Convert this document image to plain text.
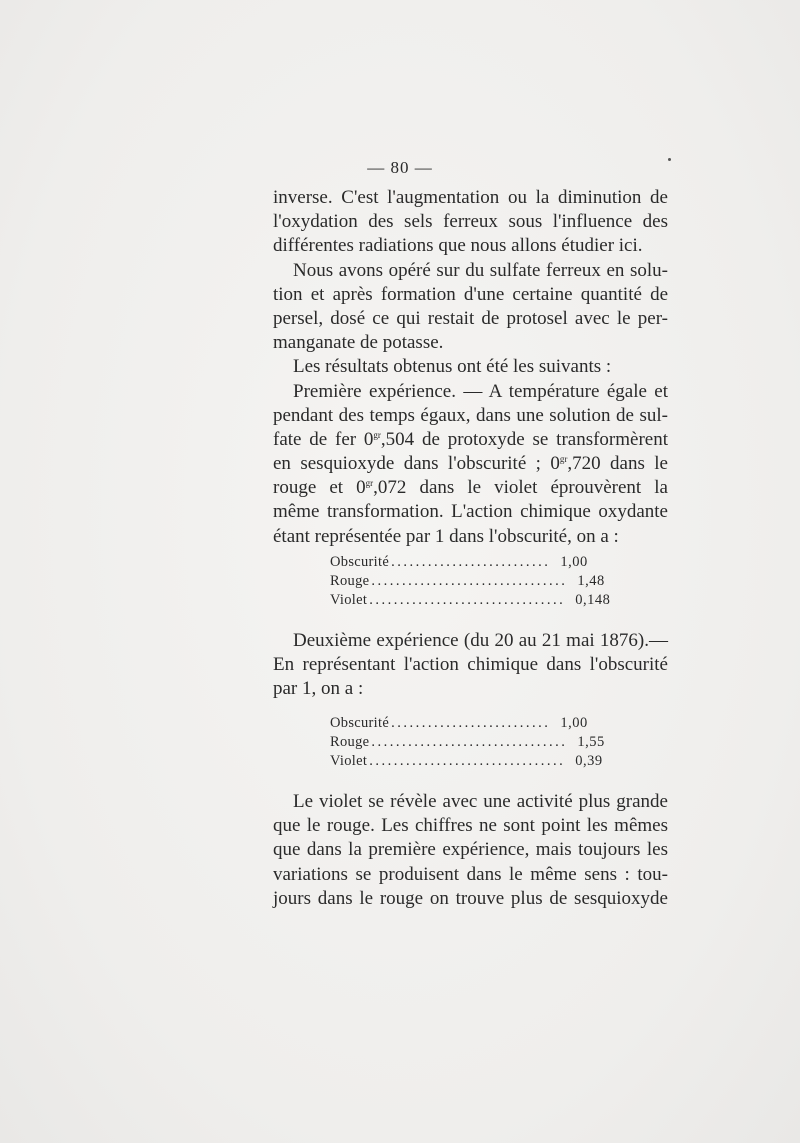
— 80 —
inverse. C'est l'augmentation ou la diminution de
l'oxydation des sels ferreux sous l'influence des
différentes radiations que nous allons étudier ici.
Nous avons opéré sur du sulfate ferreux en solu-
tion et après formation d'une certaine quantité de
persel, dosé ce qui restait de protosel avec le per-
manganate de potasse.
Les résultats obtenus ont été les suivants :
Première expérience. — A température égale et
pendant des temps égaux, dans une solution de sul-
fate de fer $0^{gr},504$ de protoxyde se transformèrent
en sesquioxyde dans l'obscurité ; $0^{gr},720$ dans le
rouge et $0^{gr},072$ dans le violet éprouvèrent la
même transformation. L'action chimique oxydante
étant représentée par 1 dans l'obscurité, on a :
Obscurité .......................... 1,00
Rouge ................................ 1,48
Violet ................................ 0,148
Deuxième expérience (du 20 au 21 mai 1876).—
En représentant l'action chimique dans l'obscurité
par 1, on a :
Obscurité .......................... 1,00
Rouge ................................ 1,55
Violet ................................ 0,39
Le violet se révèle avec une activité plus grande
que le rouge. Les chiffres ne sont point les mêmes
que dans la première expérience, mais toujours les
variations se produisent dans le même sens : tou-
jours dans le rouge on trouve plus de sesquioxyde
